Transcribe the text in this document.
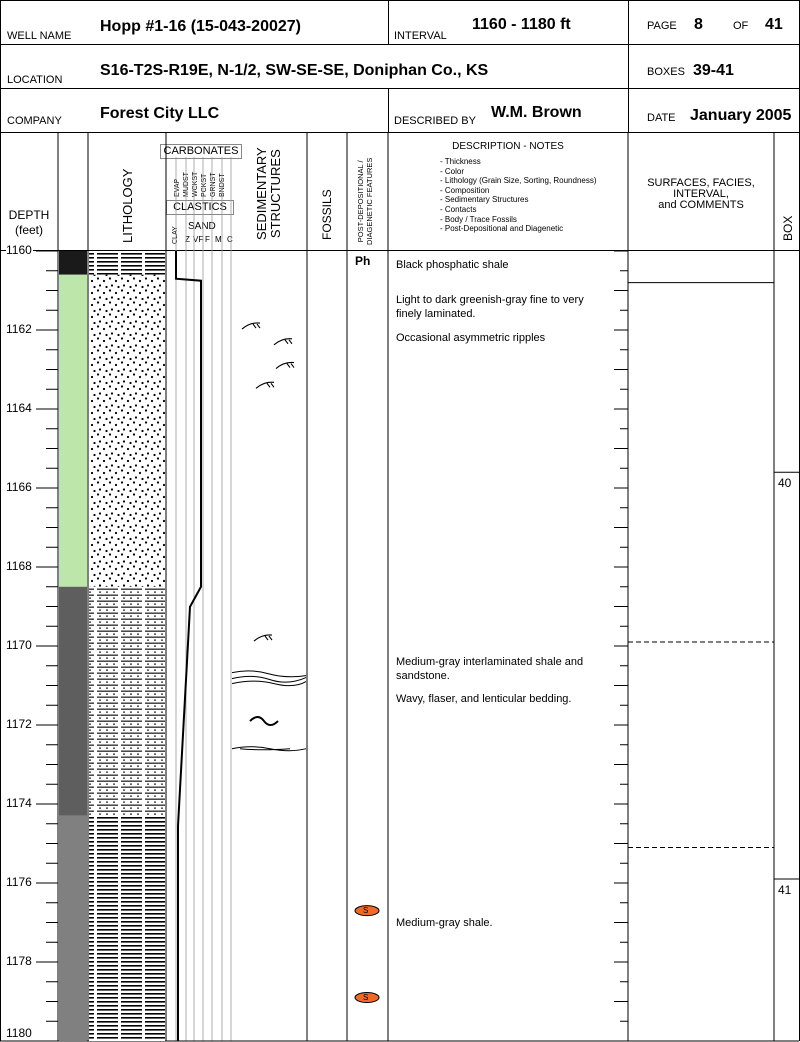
WELL NAME
Hopp #1-16 (15-043-20027)
INTERVAL
1160 - 1180 ft	PAGE 8	OF 41
LOCATION
S16-T2S-R19E, N-1/2, SW-SE-SE, Doniphan Co., KS	BOXES 39-41
COMPANY Forest City LLC	DESCRIBED BY W.M. Brown	DATE January 2005
DEPTH
(feet)	LITHOLOGY
CARBONATES
CLASTICS
EVAP MUDST WCKST PCKST GRNST BNDST
CLAY SAND
Z VF F M C SEDIMENTARY STRUCTURES	FOSSILS	POST-DEPOSITIONAL / DIAGENETIC FEATURES
DESCRIPTION - NOTES
- Thickness
- Color
- Lithology (Grain Size, Sorting, Roundness)
- Composition
- Sedimentary Structures
- Contacts
- Body / Trace Fossils
- Post-Depositional and Diagenetic
SURFACES, FACIES,
INTERVAL,
and COMMENTS
BOX
1160
1162
1164
1166
1168
1170
1172
1174
1176
1178
1180
Black phosphatic shale
Light to dark greenish-gray fine to very
finely laminated.
Occasional asymmetric ripples
Medium-gray interlaminated shale and
sandstone.
Wavy, flaser, and lenticular bedding.
Medium-gray shale.
40
41
Ph
S
S
